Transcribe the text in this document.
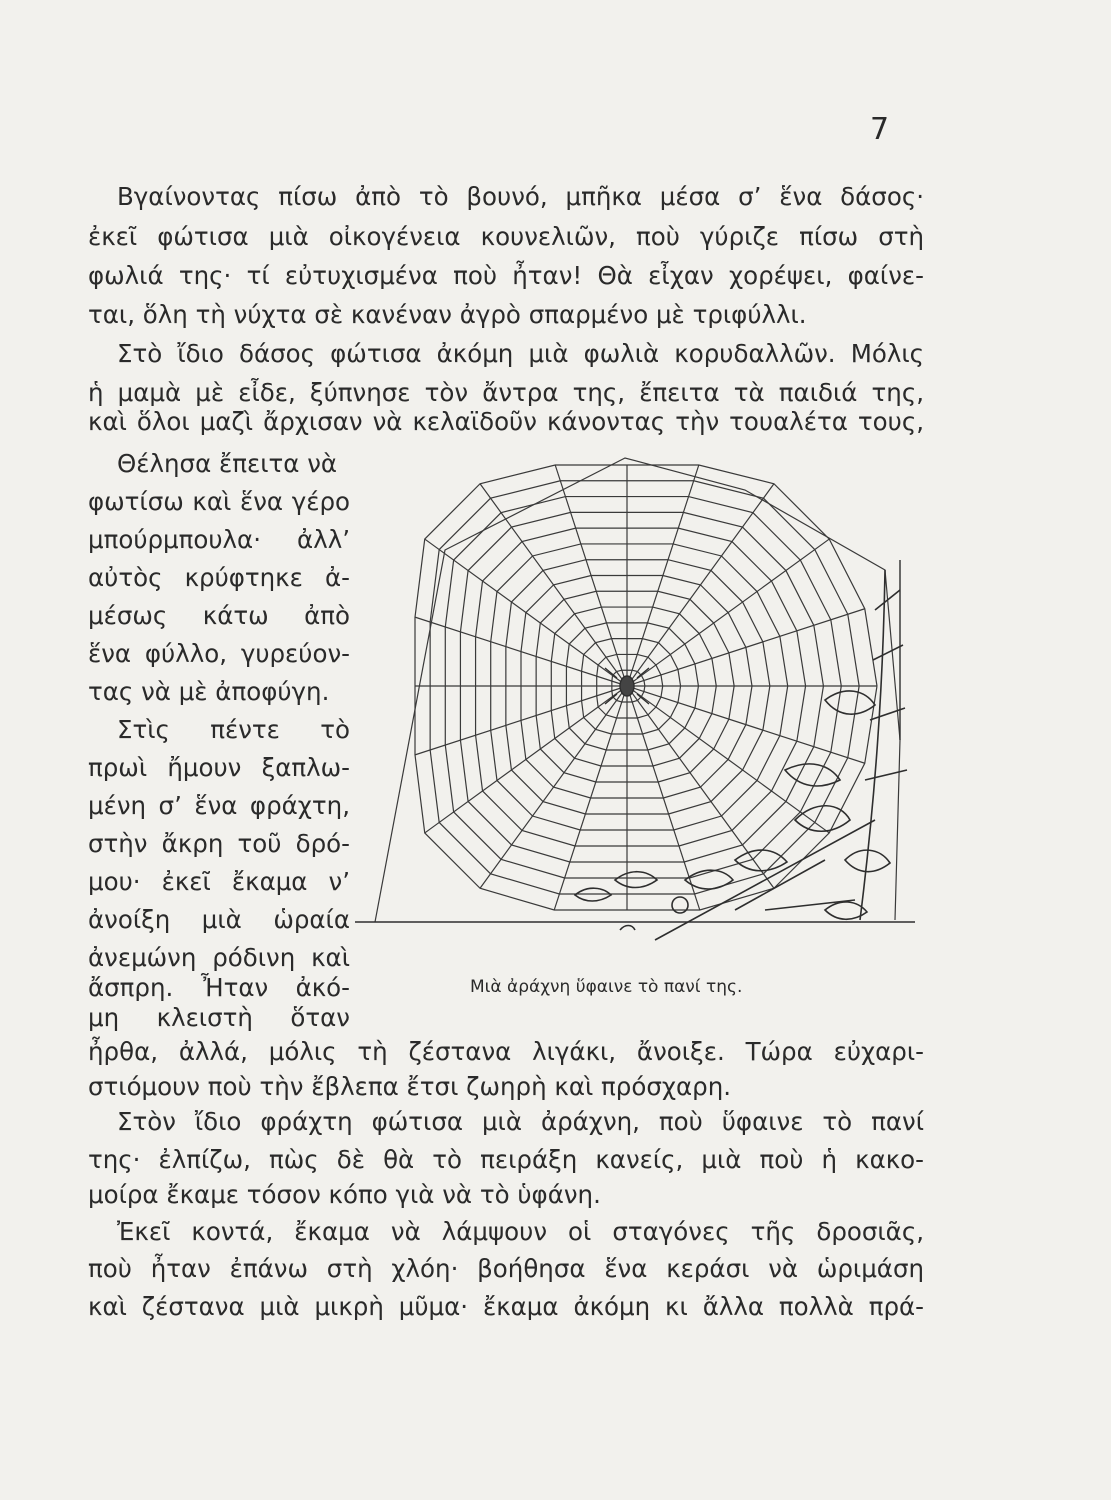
7
Βγαίνοντας πίσω ἀπὸ τὸ βουνό, μπῆκα μέσα σ’ ἕνα δάσος·
ἐκεῖ φώτισα μιὰ οἰκογένεια κουνελιῶν, ποὺ γύριζε πίσω στὴ
φωλιά της· τί εὐτυχισμένα ποὺ ἦταν! Θὰ εἶχαν χορέψει, φαίνε-
ται, ὅλη τὴ νύχτα σὲ κανέναν ἀγρὸ σπαρμένο μὲ τριφύλλι.
Στὸ ἴδιο δάσος φώτισα ἀκόμη μιὰ φωλιὰ κορυδαλλῶν. Μόλις
ἡ μαμὰ μὲ εἶδε, ξύπνησε τὸν ἄντρα της, ἔπειτα τὰ παιδιά της,
καὶ ὅλοι μαζὶ ἄρχισαν νὰ κελαϊδοῦν κάνοντας τὴν τουαλέτα τους,
Θέλησα ἔπειτα νὰ
φωτίσω καὶ ἕνα γέρο
μπούρμπουλα· ἀλλ’
αὐτὸς κρύφτηκε ἀ-
μέσως κάτω ἀπὸ
ἕνα φύλλο, γυρεύον-
τας νὰ μὲ ἀποφύγη.
Στὶς πέντε τὸ
πρωὶ ἤμουν ξαπλω-
μένη σ’ ἕνα φράχτη,
στὴν ἄκρη τοῦ δρό-
μου· ἐκεῖ ἔκαμα ν’
ἀνοίξη μιὰ ὡραία
ἀνεμώνη ρόδινη καὶ
ἄσπρη. Ἦταν ἀκό-
μη κλειστὴ ὅταν
Μιὰ ἀράχνη ὕφαινε τὸ πανί της.
ἦρθα, ἀλλά, μόλις τὴ ζέστανα λιγάκι, ἄνοιξε. Τώρα εὐχαρι-
στιόμουν ποὺ τὴν ἔβλεπα ἔτσι ζωηρὴ καὶ πρόσχαρη.
Στὸν ἴδιο φράχτη φώτισα μιὰ ἀράχνη, ποὺ ὕφαινε τὸ πανί
της· ἐλπίζω, πὼς δὲ θὰ τὸ πειράξη κανείς, μιὰ ποὺ ἡ κακο-
μοίρα ἔκαμε τόσον κόπο γιὰ νὰ τὸ ὑφάνη.
Ἐκεῖ κοντά, ἔκαμα νὰ λάμψουν οἱ σταγόνες τῆς δροσιᾶς,
ποὺ ἦταν ἐπάνω στὴ χλόη· βοήθησα ἕνα κεράσι νὰ ὡριμάση
καὶ ζέστανα μιὰ μικρὴ μῦμα· ἔκαμα ἀκόμη κι ἄλλα πολλὰ πρά-
